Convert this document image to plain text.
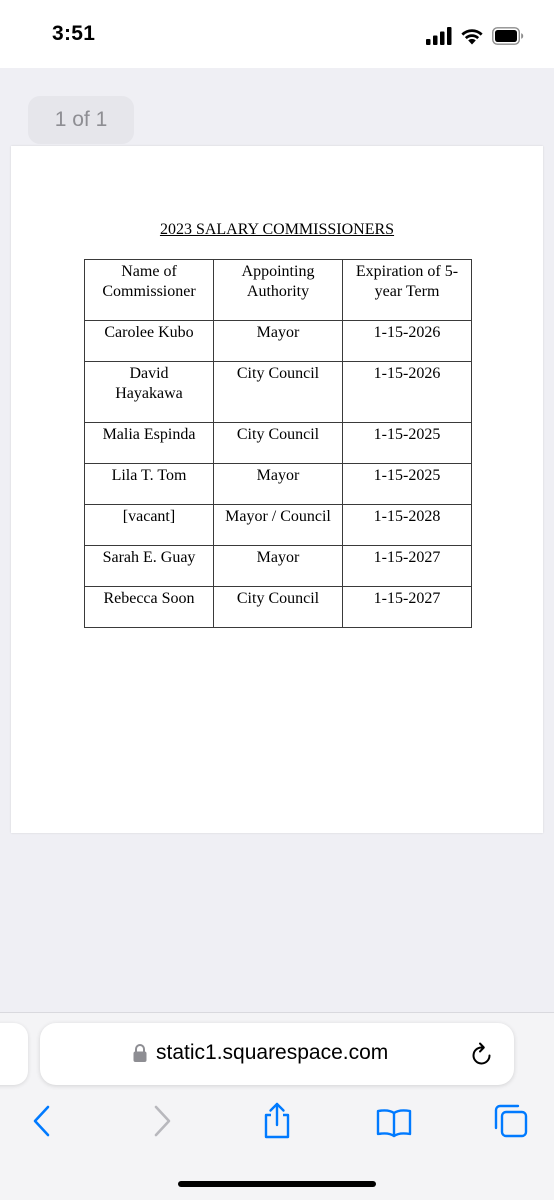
3:51
1 of 1
2023 SALARY COMMISSIONERS
Name of Commissioner	Appointing Authority	Expiration of 5-year Term
Carolee Kubo	Mayor	1-15-2026
David Hayakawa	City Council	1-15-2026
Malia Espinda	City Council	1-15-2025
Lila T. Tom	Mayor	1-15-2025
[vacant]	Mayor / Council	1-15-2028
Sarah E. Guay	Mayor	1-15-2027
Rebecca Soon	City Council	1-15-2027
static1.squarespace.com
